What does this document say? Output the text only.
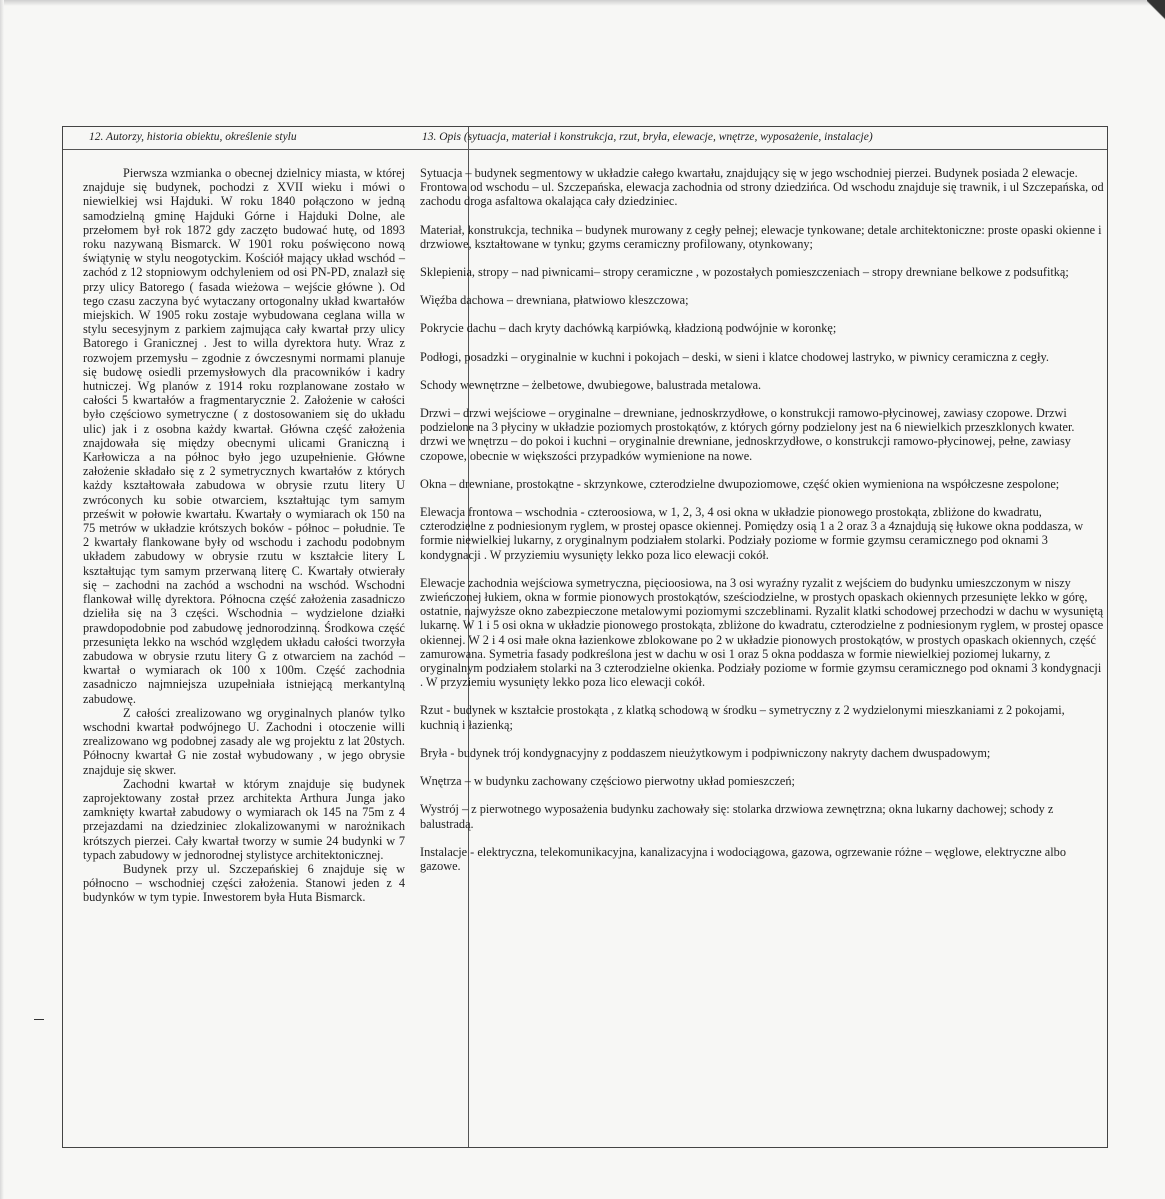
12. Autorzy, historia obiektu, określenie stylu	13. Opis (sytuacja, materiał i konstrukcja, rzut, bryła, elewacje, wnętrze, wyposażenie, instalacje)

Pierwsza wzmianka o obecnej dzielnicy miasta, w której znajduje się budynek, pochodzi z XVII wieku i mówi o niewielkiej wsi Hajduki. W roku 1840 połączono w jedną samodzielną gminę Hajduki Górne i Hajduki Dolne, ale przełomem był rok 1872 gdy zaczęto budować hutę, od 1893 roku nazywaną Bismarck. W 1901 roku poświęcono nową świątynię w stylu neogotyckim. Kościół mający układ wschód – zachód z 12 stopniowym odchyleniem od osi PN-PD, znalazł się przy ulicy Batorego ( fasada wieżowa – wejście główne ). Od tego czasu zaczyna być wytaczany ortogonalny układ kwartałów miejskich. W 1905 roku zostaje wybudowana ceglana willa w stylu secesyjnym z parkiem zajmująca cały kwartał przy ulicy Batorego i Granicznej . Jest to willa dyrektora huty. Wraz z rozwojem przemysłu – zgodnie z ówczesnymi normami planuje się budowę osiedli przemysłowych dla pracowników i kadry hutniczej. Wg planów z 1914 roku rozplanowane zostało w całości 5 kwartałów a fragmentarycznie 2. Założenie w całości było częściowo symetryczne ( z dostosowaniem się do układu ulic) jak i z osobna każdy kwartał. Główna część założenia znajdowała się między obecnymi ulicami Graniczną i Karłowicza a na północ było jego uzupełnienie. Główne założenie składało się z 2 symetrycznych kwartałów z których każdy kształtowała zabudowa w obrysie rzutu litery U zwróconych ku sobie otwarciem, kształtując tym samym prześwit w połowie kwartału. Kwartały o wymiarach ok 150 na 75 metrów w układzie krótszych boków - północ – południe. Te 2 kwartały flankowane były od wschodu i zachodu podobnym układem zabudowy w obrysie rzutu w kształcie litery L kształtując tym samym przerwaną literę C. Kwartały otwierały się – zachodni na zachód a wschodni na wschód. Wschodni flankował willę dyrektora. Północna część założenia zasadniczo dzieliła się na 3 części. Wschodnia – wydzielone działki prawdopodobnie pod zabudowę jednorodzinną. Środkowa część przesunięta lekko na wschód względem układu całości tworzyła zabudowa w obrysie rzutu litery G z otwarciem na zachód – kwartał o wymiarach ok 100 x 100m. Część zachodnia zasadniczo najmniejsza uzupełniała istniejącą merkantylną zabudowę.

Z całości zrealizowano wg oryginalnych planów tylko wschodni kwartał podwójnego U. Zachodni i otoczenie willi zrealizowano wg podobnej zasady ale wg projektu z lat 20stych. Północny kwartał G nie został wybudowany , w jego obrysie znajduje się skwer.

Zachodni kwartał w którym znajduje się budynek zaprojektowany został przez architekta Arthura Junga jako zamknięty kwartał zabudowy o wymiarach ok 145 na 75m z 4 przejazdami na dziedziniec zlokalizowanymi w narożnikach krótszych pierzei. Cały kwartał tworzy w sumie 24 budynki w 7 typach zabudowy w jednorodnej stylistyce architektonicznej.

Budynek przy ul. Szczepańskiej 6 znajduje się w północno – wschodniej części założenia. Stanowi jeden z 4 budynków w tym typie. Inwestorem była Huta Bismarck.

Sytuacja – budynek segmentowy w układzie całego kwartału, znajdujący się w jego wschodniej pierzei. Budynek posiada 2 elewacje. Frontowa od wschodu – ul. Szczepańska, elewacja zachodnia od strony dziedzińca. Od wschodu znajduje się trawnik, i ul Szczepańska, od zachodu droga asfaltowa okalająca cały dziedziniec.

Materiał, konstrukcja, technika – budynek murowany z cegły pełnej; elewacje tynkowane; detale architektoniczne: proste opaski okienne i drzwiowe, kształtowane w tynku; gzyms ceramiczny profilowany, otynkowany;

Sklepienia, stropy – nad piwnicami– stropy ceramiczne , w pozostałych pomieszczeniach – stropy drewniane belkowe z podsufitką;

Więźba dachowa – drewniana, płatwiowo kleszczowa;

Pokrycie dachu – dach kryty dachówką karpiówką, kładzioną podwójnie w koronkę;

Podłogi, posadzki – oryginalnie w kuchni i pokojach – deski, w sieni i klatce chodowej lastryko, w piwnicy ceramiczna z cegły.

Schody wewnętrzne – żelbetowe, dwubiegowe, balustrada metalowa.

Drzwi – drzwi wejściowe – oryginalne – drewniane, jednoskrzydłowe, o konstrukcji ramowo-płycinowej, zawiasy czopowe. Drzwi podzielone na 3 płyciny w układzie poziomych prostokątów, z których górny podzielony jest na 6 niewielkich przeszklonych kwater.

drzwi we wnętrzu – do pokoi i kuchni – oryginalnie drewniane, jednoskrzydłowe, o konstrukcji ramowo-płycinowej, pełne, zawiasy czopowe, obecnie w większości przypadków wymienione na nowe.

Okna – drewniane, prostokątne - skrzynkowe, czterodzielne dwupoziomowe, część okien wymieniona na współczesne zespolone;

Elewacja frontowa – wschodnia - czteroosiowa, w 1, 2, 3, 4 osi okna w układzie pionowego prostokąta, zbliżone do kwadratu, czterodzielne z podniesionym ryglem, w prostej opasce okiennej. Pomiędzy osią 1 a 2 oraz 3 a 4znajdują się łukowe okna poddasza, w formie niewielkiej lukarny, z oryginalnym podziałem stolarki. Podziały poziome w formie gzymsu ceramicznego pod oknami 3 kondygnacji . W przyziemiu wysunięty lekko poza lico elewacji cokół.

Elewacje zachodnia wejściowa symetryczna, pięcioosiowa, na 3 osi wyraźny ryzalit z wejściem do budynku umieszczonym w niszy zwieńczonej łukiem, okna w formie pionowych prostokątów, sześciodzielne, w prostych opaskach okiennych przesunięte lekko w górę, ostatnie, najwyższe okno zabezpieczone metalowymi poziomymi szczeblinami. Ryzalit klatki schodowej przechodzi w dachu w wysuniętą lukarnę. W 1 i 5 osi okna w układzie pionowego prostokąta, zbliżone do kwadratu, czterodzielne z podniesionym ryglem, w prostej opasce okiennej. W 2 i 4 osi małe okna łazienkowe zblokowane po 2 w układzie pionowych prostokątów, w prostych opaskach okiennych, część zamurowana. Symetria fasady podkreślona jest w dachu w osi 1 oraz 5 okna poddasza w formie niewielkiej poziomej lukarny, z oryginalnym podziałem stolarki na 3 czterodzielne okienka. Podziały poziome w formie gzymsu ceramicznego pod oknami 3 kondygnacji . W przyziemiu wysunięty lekko poza lico elewacji cokół.

Rzut - budynek w kształcie prostokąta , z klatką schodową w środku – symetryczny z 2 wydzielonymi mieszkaniami z 2 pokojami, kuchnią i łazienką;

Bryła - budynek trój kondygnacyjny z poddaszem nieużytkowym i podpiwniczony nakryty dachem dwuspadowym;

Wnętrza – w budynku zachowany częściowo pierwotny układ pomieszczeń;

Wystrój – z pierwotnego wyposażenia budynku zachowały się: stolarka drzwiowa zewnętrzna; okna lukarny dachowej; schody z balustradą.

Instalacje - elektryczna, telekomunikacyjna, kanalizacyjna i wodociągowa, gazowa, ogrzewanie różne – węglowe, elektryczne albo gazowe.
